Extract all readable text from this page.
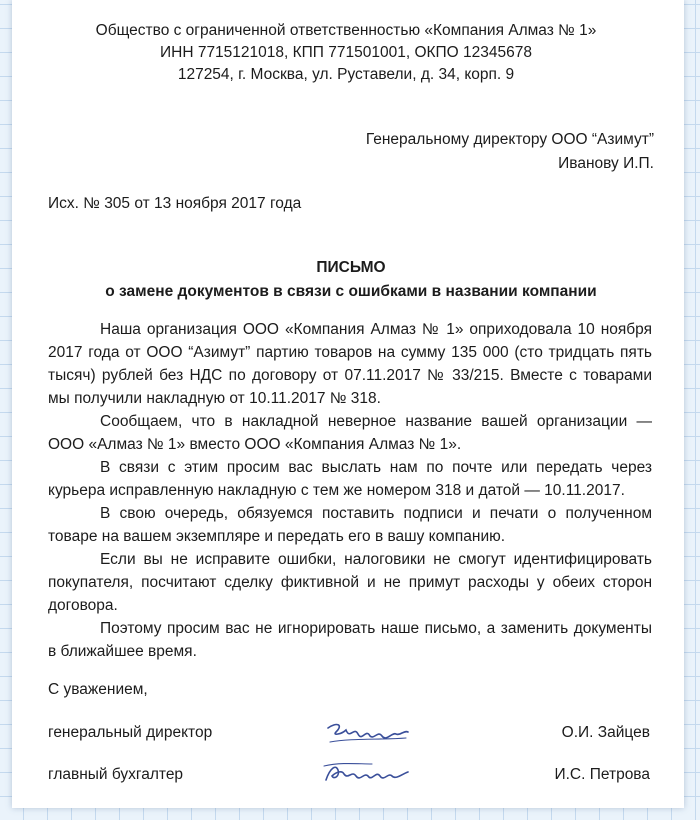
Общество с ограниченной ответственностью «Компания Алмаз № 1»
ИНН 7715121018, КПП 771501001, ОКПО 12345678
127254, г. Москва, ул. Руставели, д. 34, корп. 9
Генеральному директору ООО “Азимут”
Иванову И.П.
Исх. № 305 от 13 ноября 2017 года
ПИСЬМО
о замене документов в связи с ошибками в названии компании

Наша организация ООО «Компания Алмаз № 1» оприходовала 10 ноября 2017 года от ООО “Азимут” партию товаров на сумму 135 000 (сто тридцать пять тысяч) рублей без НДС по договору от 07.11.2017 № 33/215. Вместе с товарами мы получили накладную от 10.11.2017 № 318.

Сообщаем, что в накладной неверное название вашей организации — ООО «Алмаз № 1» вместо ООО «Компания Алмаз № 1».

В связи с этим просим вас выслать нам по почте или передать через курьера исправленную накладную с тем же номером 318 и датой — 10.11.2017.

В свою очередь, обязуемся поставить подписи и печати о полученном товаре на вашем экземпляре и передать его в вашу компанию.

Если вы не исправите ошибки, налоговики не смогут идентифицировать покупателя, посчитают сделку фиктивной и не примут расходы у обеих сторон договора.

Поэтому просим вас не игнорировать наше письмо, а заменить документы в ближайшее время.

С уважением,
генеральный директор	О.И. Зайцев
главный бухгалтер	И.С. Петрова
